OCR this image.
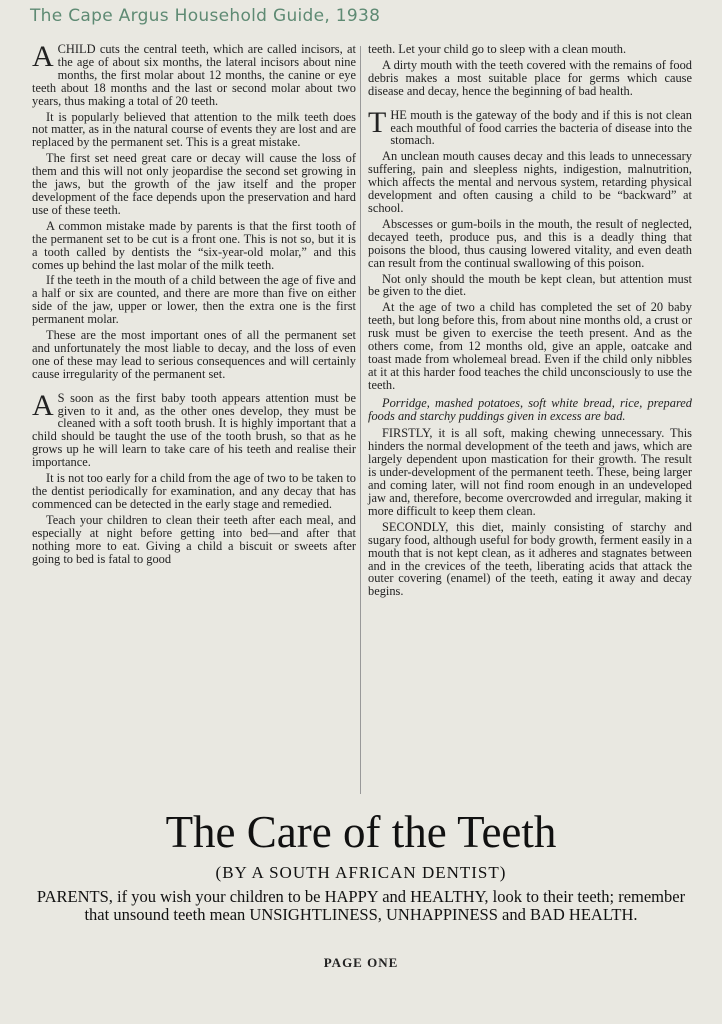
The Cape Argus Household Guide, 1938

A CHILD cuts the central teeth, which are called incisors, at the age of about six months, the lateral incisors about nine months, the first molar about 12 months, the canine or eye teeth about 18 months and the last or second molar about two years, thus making a total of 20 teeth.

It is popularly believed that attention to the milk teeth does not matter, as in the natural course of events they are lost and are replaced by the permanent set. This is a great mistake.

The first set need great care or decay will cause the loss of them and this will not only jeopardise the second set growing in the jaws, but the growth of the jaw itself and the proper development of the face depends upon the preservation and hard use of these teeth.

A common mistake made by parents is that the first tooth of the permanent set to be cut is a front one. This is not so, but it is a tooth called by dentists the “six-year-old molar,” and this comes up behind the last molar of the milk teeth.

If the teeth in the mouth of a child between the age of five and a half or six are counted, and there are more than five on either side of the jaw, upper or lower, then the extra one is the first permanent molar.

These are the most important ones of all the permanent set and unfortunately the most liable to decay, and the loss of even one of these may lead to serious consequences and will certainly cause irregularity of the permanent set.

A S soon as the first baby tooth appears attention must be given to it and, as the other ones develop, they must be cleaned with a soft tooth brush. It is highly important that a child should be taught the use of the tooth brush, so that as he grows up he will learn to take care of his teeth and realise their importance.

It is not too early for a child from the age of two to be taken to the dentist periodically for examination, and any decay that has commenced can be detected in the early stage and remedied.

Teach your children to clean their teeth after each meal, and especially at night before getting into bed—and after that nothing more to eat. Giving a child a biscuit or sweets after going to bed is fatal to good

teeth. Let your child go to sleep with a clean mouth.

A dirty mouth with the teeth covered with the remains of food debris makes a most suitable place for germs which cause disease and decay, hence the beginning of bad health.

THE mouth is the gateway of the body and if this is not clean each mouthful of food carries the bacteria of disease into the stomach.

An unclean mouth causes decay and this leads to unnecessary suffering, pain and sleepless nights, indigestion, malnutrition, which affects the mental and nervous system, retarding physical development and often causing a child to be “backward” at school.

Abscesses or gum-boils in the mouth, the result of neglected, decayed teeth, produce pus, and this is a deadly thing that poisons the blood, thus causing lowered vitality, and even death can result from the continual swallowing of this poison.

Not only should the mouth be kept clean, but attention must be given to the diet.

At the age of two a child has completed the set of 20 baby teeth, but long before this, from about nine months old, a crust or rusk must be given to exercise the teeth present. And as the others come, from 12 months old, give an apple, oatcake and toast made from wholemeal bread. Even if the child only nibbles at it at this harder food teaches the child unconsciously to use the teeth.

Porridge, mashed potatoes, soft white bread, rice, prepared foods and starchy puddings given in excess are bad.

FIRSTLY, it is all soft, making chewing unnecessary. This hinders the normal development of the teeth and jaws, which are largely dependent upon mastication for their growth. The result is under-development of the permanent teeth. These, being larger and coming later, will not find room enough in an undeveloped jaw and, therefore, become overcrowded and irregular, making it more difficult to keep them clean.

SECONDLY, this diet, mainly consisting of starchy and sugary food, although useful for body growth, ferment easily in a mouth that is not kept clean, as it adheres and stagnates between and in the crevices of the teeth, liberating acids that attack the outer covering (enamel) of the teeth, eating it away and decay begins.

The Care of the Teeth
(BY A SOUTH AFRICAN DENTIST)
PARENTS, if you wish your children to be HAPPY and HEALTHY, look to their teeth; remember that unsound teeth mean UNSIGHTLINESS, UNHAPPINESS and BAD HEALTH.
PAGE ONE
